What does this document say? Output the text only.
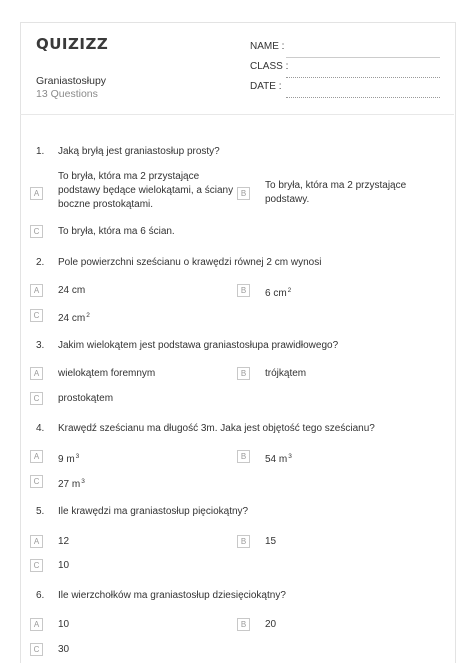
QUIZIZZ
Graniastosłupy
13 Questions
NAME :
CLASS :
DATE :
1. Jaką bryłą jest graniastosłup prosty?
A
To bryła, która ma 2 przystające
podstawy będące wielokątami, a ściany
boczne prostokątami.
B
To bryła, która ma 2 przystające
podstawy.
C	To bryła, która ma 6 ścian.
2. Pole powierzchni sześcianu o krawędzi równej 2 cm wynosi
A	24 cm	B	6 $cm^2$
C	24 $cm^2$
3. Jakim wielokątem jest podstawa graniastosłupa prawidłowego?
A	wielokątem foremnym	B	trójkątem
C	prostokątem
4. Krawędź sześcianu ma długość 3m. Jaka jest objętość tego sześcianu?
A	9 $m^3$	B	54 $m^3$
C	27 $m^3$
5. Ile krawędzi ma graniastosłup pięciokątny?
A	12	B	15
C	10
6. Ile wierzchołków ma graniastosłup dziesięciokątny?
A	10	B	20
C	30
